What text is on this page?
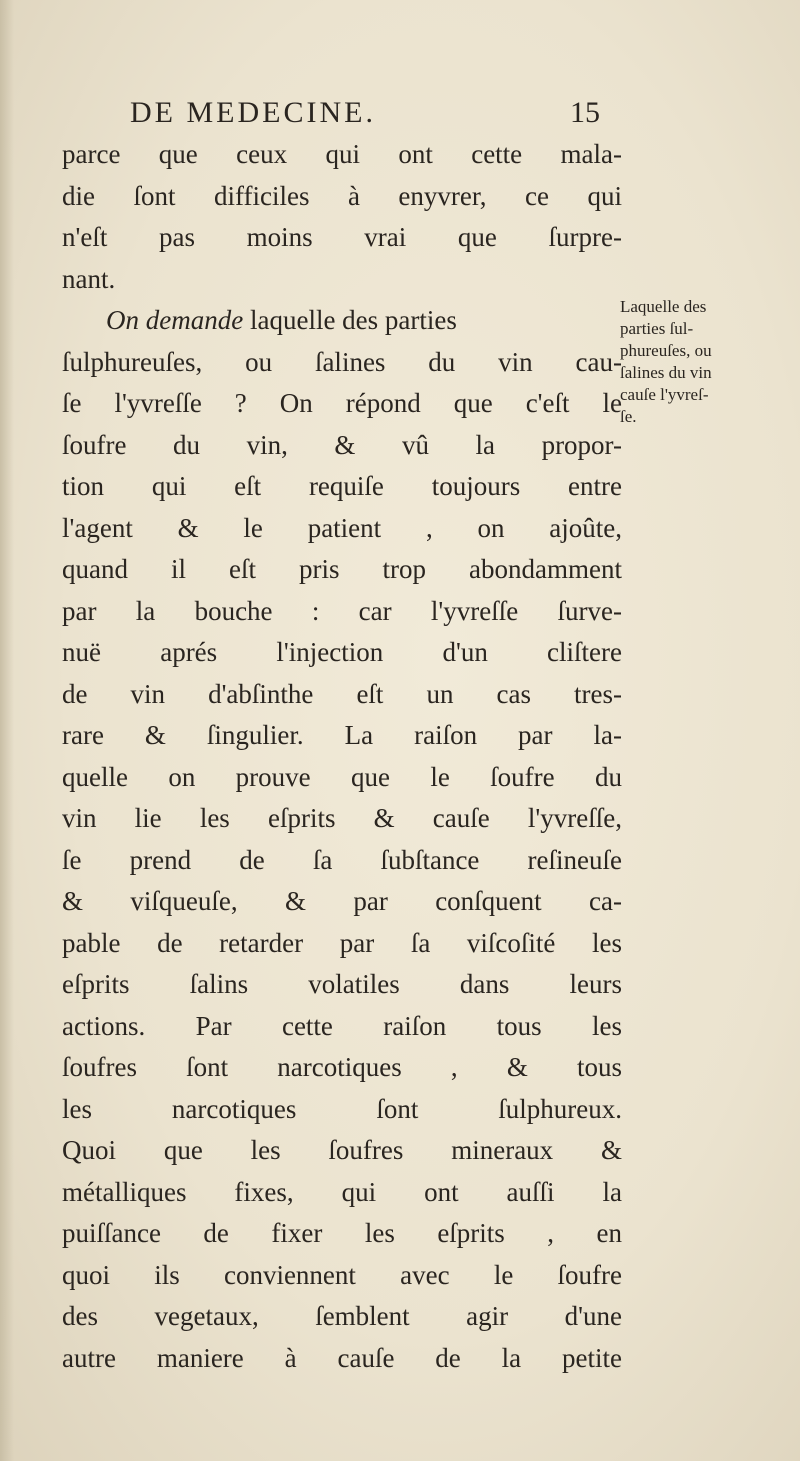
DE MEDECINE.	15
parce que ceux qui ont cette mala-
die ſont difficiles à enyvrer, ce qui
n'eſt pas moins vrai que ſurpre-
nant.
On demande laquelle des parties
ſulphureuſes, ou ſalines du vin cau-
ſe l'yvreſſe ? On répond que c'eſt le
ſoufre du vin, & vû la propor-
tion qui eſt requiſe toujours entre
l'agent & le patient , on ajoûte,
quand il eſt pris trop abondamment
par la bouche : car l'yvreſſe ſurve-
nuë aprés l'injection d'un cliſtere
de vin d'abſinthe eſt un cas tres-
rare & ſingulier. La raiſon par la-
quelle on prouve que le ſoufre du
vin lie les eſprits & cauſe l'yvreſſe,
ſe prend de ſa ſubſtance reſineuſe
& viſqueuſe, & par conſquent ca-
pable de retarder par ſa viſcoſité les
eſprits ſalins volatiles dans leurs
actions. Par cette raiſon tous les
ſoufres ſont narcotiques , & tous
les narcotiques ſont ſulphureux.
Quoi que les ſoufres mineraux &
métalliques fixes, qui ont auſſi la
puiſſance de fixer les eſprits , en
quoi ils conviennent avec le ſoufre
des vegetaux, ſemblent agir d'une
autre maniere à cauſe de la petite
Laquelle des
parties ſul-
phureuſes, ou
ſalines du vin
cauſe l'yvreſ-
ſe.
